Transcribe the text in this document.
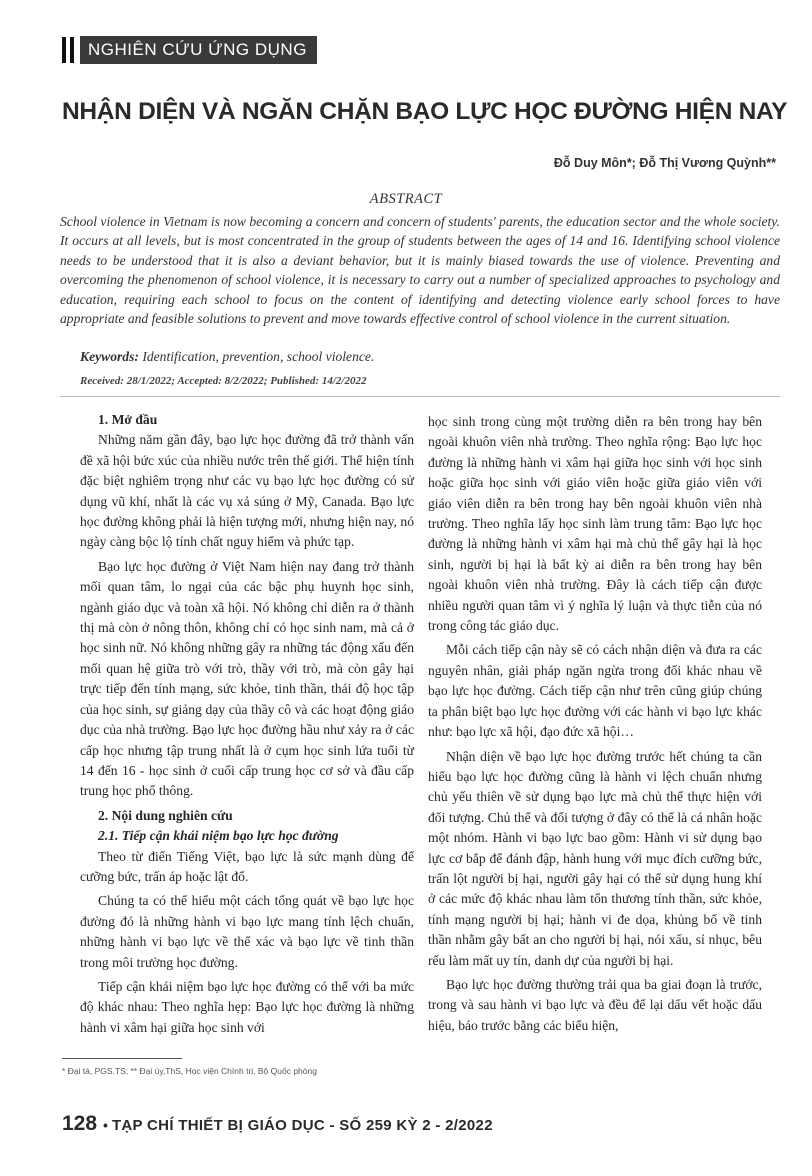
NGHIÊN CỨU ỨNG DỤNG
NHẬN DIỆN VÀ NGĂN CHẶN BẠO LỰC HỌC ĐƯỜNG HIỆN NAY
Đỗ Duy Môn*; Đỗ Thị Vương Quỳnh**
ABSTRACT

School violence in Vietnam is now becoming a concern and concern of students' parents, the education sector and the whole society. It occurs at all levels, but is most concentrated in the group of students between the ages of 14 and 16. Identifying school violence needs to be understood that it is also a deviant behavior, but it is mainly biased towards the use of violence. Preventing and overcoming the phenomenon of school violence, it is necessary to carry out a number of specialized approaches to psychology and education, requiring each school to focus on the content of identifying and detecting violence early school forces to have appropriate and feasible solutions to prevent and move towards effective control of school violence in the current situation.

Keywords: Identification, prevention, school violence.
Received: 28/1/2022; Accepted: 8/2/2022; Published: 14/2/2022
1. Mở đầu

Những năm gần đây, bạo lực học đường đã trở thành vấn đề xã hội bức xúc của nhiều nước trên thế giới. Thể hiện tính đặc biệt nghiêm trọng như các vụ bạo lực học đường có sử dụng vũ khí, nhất là các vụ xả súng ở Mỹ, Canada. Bạo lực học đường không phải là hiện tượng mới, nhưng hiện nay, nó ngày càng bộc lộ tính chất nguy hiểm và phức tạp.

Bạo lực học đường ở Việt Nam hiện nay đang trở thành mối quan tâm, lo ngại của các bậc phụ huynh học sinh, ngành giáo dục và toàn xã hội. Nó không chỉ diễn ra ở thành thị mà còn ở nông thôn, không chỉ có học sinh nam, mà cả ở học sinh nữ. Nó không những gây ra những tác động xấu đến mối quan hệ giữa trò với trò, thầy với trò, mà còn gây hại trực tiếp đến tính mạng, sức khỏe, tinh thần, thái độ học tập của học sinh, sự giảng dạy của thầy cô và các hoạt động giáo dục của nhà trường. Bạo lực học đường hầu như xảy ra ở các cấp học nhưng tập trung nhất là ở cụm học sinh lứa tuổi từ 14 đến 16 - học sinh ở cuối cấp trung học cơ sở và đầu cấp trung học phổ thông.

2. Nội dung nghiên cứu
2.1. Tiếp cận khái niệm bạo lực học đường

Theo từ điển Tiếng Việt, bạo lực là sức mạnh dùng để cưỡng bức, trấn áp hoặc lật đổ.

Chúng ta có thể hiểu một cách tổng quát về bạo lực học đường đó là những hành vi bạo lực mang tính lệch chuẩn, những hành vi bạo lực về thể xác và bạo lực về tinh thần trong môi trường học đường.

Tiếp cận khái niệm bạo lực học đường có thể với ba mức độ khác nhau: Theo nghĩa hẹp: Bạo lực học đường là những hành vi xâm hại giữa học sinh với

học sinh trong cùng một trường diễn ra bên trong hay bên ngoài khuôn viên nhà trường. Theo nghĩa rộng: Bạo lực học đường là những hành vi xâm hại giữa học sinh với học sinh hoặc giữa học sinh với giáo viên hoặc giữa giáo viên với giáo viên diễn ra bên trong hay bên ngoài khuôn viên nhà trường. Theo nghĩa lấy học sinh làm trung tâm: Bạo lực học đường là những hành vi xâm hại mà chủ thể gây hại là học sinh, người bị hại là bất kỳ ai diễn ra bên trong hay bên ngoài khuôn viên nhà trường. Đây là cách tiếp cận được nhiều người quan tâm vì ý nghĩa lý luận và thực tiễn của nó trong công tác giáo dục.

Mỗi cách tiếp cận này sẽ có cách nhận diện và đưa ra các nguyên nhân, giải pháp ngăn ngừa trong đối khác nhau về bạo lực học đường. Cách tiếp cận như trên cũng giúp chúng ta phân biệt bạo lực học đường với các hành vi bạo lực khác như: bạo lực xã hội, đạo đức xã hội…

Nhận diện về bạo lực học đường trước hết chúng ta cần hiểu bạo lực học đường cũng là hành vi lệch chuẩn nhưng chủ yếu thiên về sử dụng bạo lực mà chủ thể thực hiện với đối tượng. Chủ thể và đối tượng ở đây có thể là cá nhân hoặc một nhóm. Hành vi bạo lực bao gồm: Hành vi sử dụng bạo lực cơ bắp để đánh đập, hành hung với mục đích cưỡng bức, trấn lột người bị hại, người gây hại có thể sử dụng hung khí ở các mức độ khác nhau làm tổn thương tính thần, sức khỏe, tính mạng người bị hại; hành vi đe dọa, khủng bố về tinh thần nhằm gây bất an cho người bị hại, nói xấu, sỉ nhục, bêu rếu làm mất uy tín, danh dự của người bị hại.

Bạo lực học đường thường trải qua ba giai đoạn là trước, trong và sau hành vi bạo lực và đều để lại dấu vết hoặc dấu hiệu, báo trước bằng các biểu hiện,

* Đại tá, PGS.TS; ** Đại úy,ThS, Học viện Chính trị, Bộ Quốc phòng
128 • TẠP CHÍ THIẾT BỊ GIÁO DỤC - SỐ 259 KỲ 2 - 2/2022
